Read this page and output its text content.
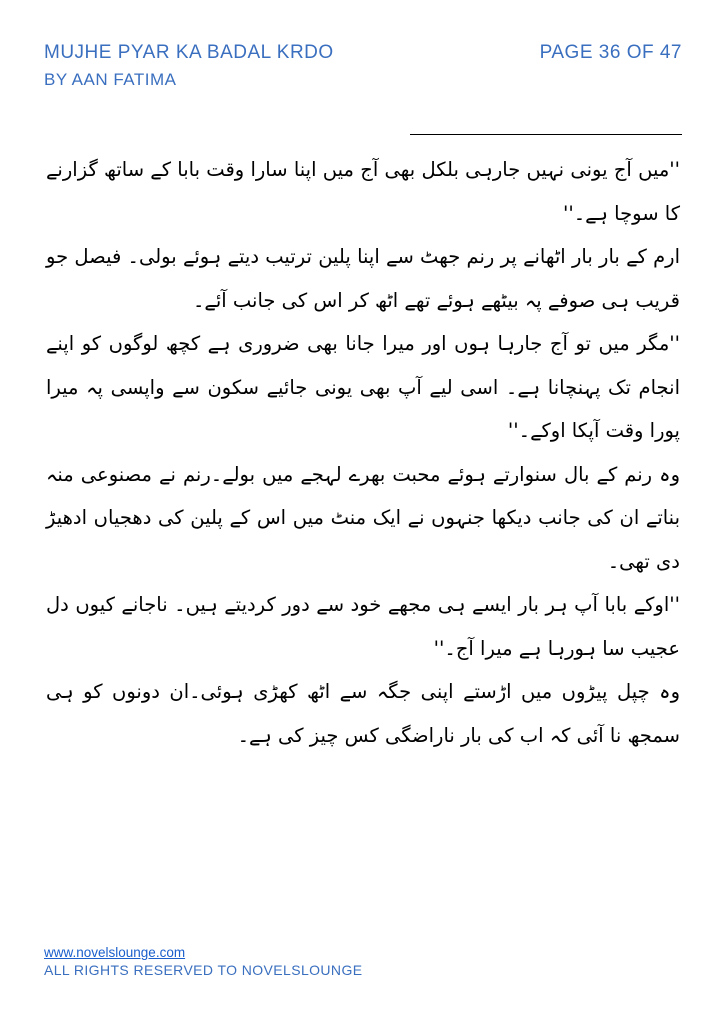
MUJHE PYAR KA BADAL KRDO
BY AAN FATIMA
PAGE 36 OF 47

''میں آج یونی نہیں جارہی بلکل بھی آج میں اپنا سارا وقت بابا کے ساتھ گزارنے کا سوچا ہے۔''

ارم کے بار بار اٹھانے پر رنم جھٹ سے اپنا پلین ترتیب دیتے ہوئے بولی۔ فیصل جو قریب ہی صوفے پہ بیٹھے ہوئے تھے اٹھ کر اس کی جانب آئے۔

''مگر میں تو آج جارہا ہوں اور میرا جانا بھی ضروری ہے کچھ لوگوں کو اپنے انجام تک پہنچانا ہے۔ اسی لیے آپ بھی یونی جائیے سکون سے واپسی پہ میرا پورا وقت آپکا اوکے۔''

وہ رنم کے بال سنوارتے ہوئے محبت بھرے لہجے میں بولے۔رنم نے مصنوعی منہ بناتے ان کی جانب دیکھا جنہوں نے ایک منٹ میں اس کے پلین کی دھجیاں ادھیڑ دی تھی۔

''اوکے بابا آپ ہر بار ایسے ہی مجھے خود سے دور کردیتے ہیں۔ ناجانے کیوں دل عجیب سا ہورہا ہے میرا آج۔''

وہ چپل پیڑوں میں اڑستے اپنی جگہ سے اٹھ کھڑی ہوئی۔ان دونوں کو ہی سمجھ نا آئی کہ اب کی بار ناراضگی کس چیز کی ہے۔

www.novelslounge.com
ALL RIGHTS RESERVED TO NOVELSLOUNGE
